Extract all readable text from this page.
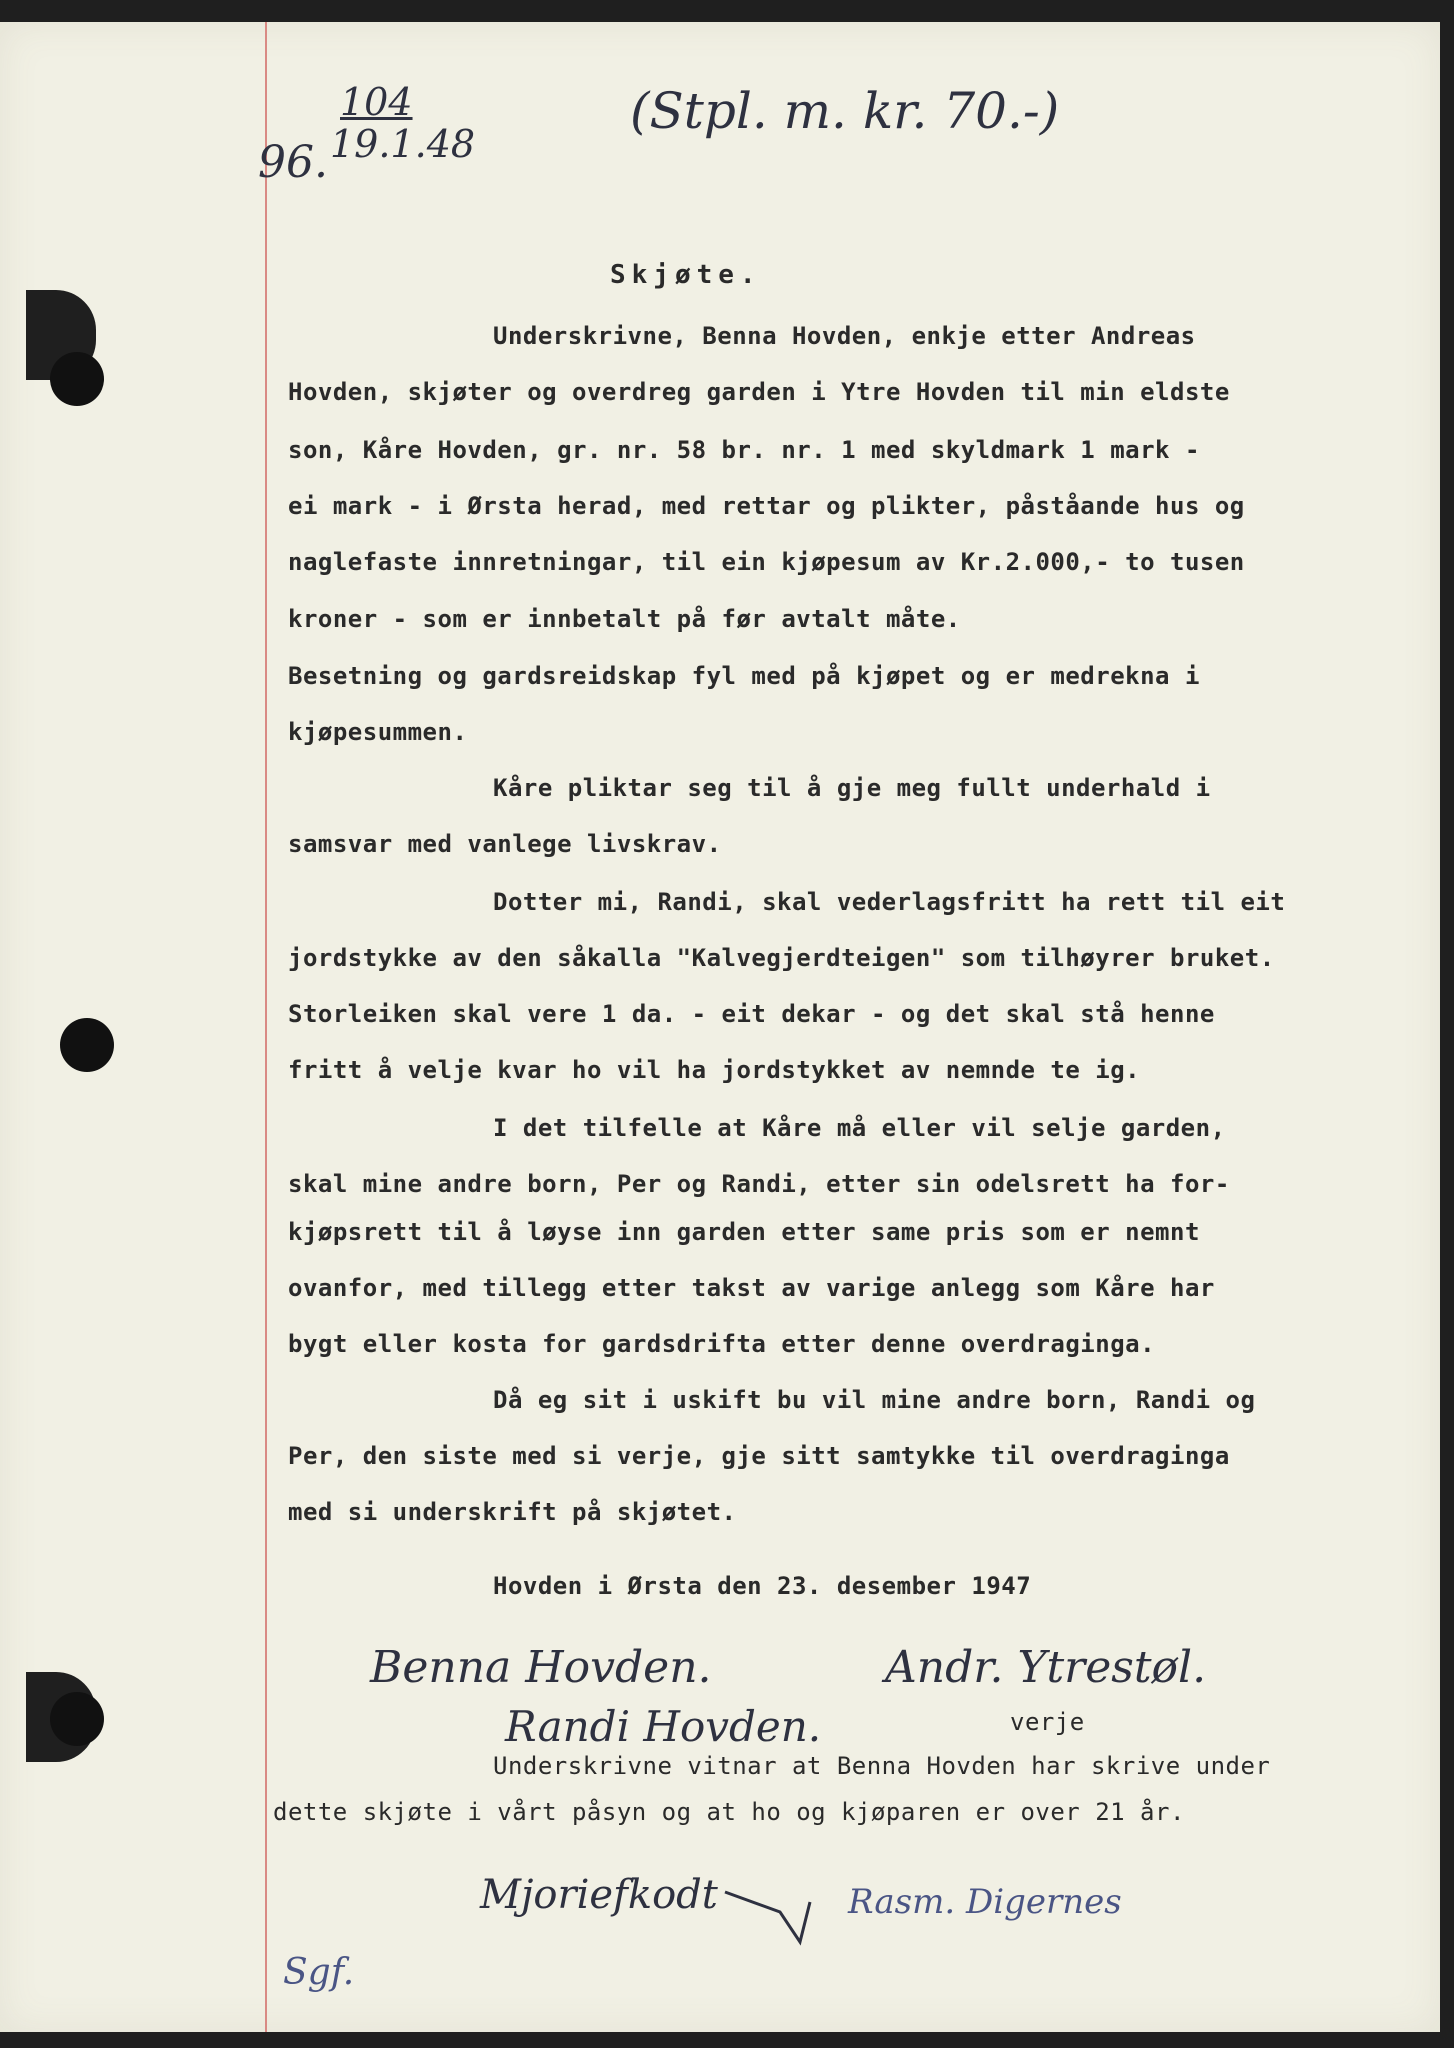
96.
104
19.1.48
(Stpl. m. kr. 70.-)
Skjøte.
Underskrivne, Benna Hovden, enkje etter Andreas
Hovden, skjøter og overdreg garden i Ytre Hovden til min eldste
son, Kåre Hovden, gr. nr. 58 br. nr. 1 med skyldmark 1 mark -
ei mark - i Ørsta herad, med rettar og plikter, påståande hus og
naglefaste innretningar, til ein kjøpesum av Kr.2.000,- to tusen
kroner - som er innbetalt på før avtalt måte.
Besetning og gardsreidskap fyl med på kjøpet og er medrekna i
kjøpesummen.
Kåre pliktar seg til å gje meg fullt underhald i
samsvar med vanlege livskrav.
Dotter mi, Randi, skal vederlagsfritt ha rett til eit
jordstykke av den såkalla "Kalvegjerdteigen" som tilhøyrer bruket.
Storleiken skal vere 1 da. - eit dekar - og det skal stå henne
fritt å velje kvar ho vil ha jordstykket av nemnde te ig.
I det tilfelle at Kåre må eller vil selje garden,
skal mine andre born, Per og Randi, etter sin odelsrett ha for-
kjøpsrett til å løyse inn garden etter same pris som er nemnt
ovanfor, med tillegg etter takst av varige anlegg som Kåre har
bygt eller kosta for gardsdrifta etter denne overdraginga.
Då eg sit i uskift bu vil mine andre born, Randi og
Per, den siste med si verje, gje sitt samtykke til overdraginga
med si underskrift på skjøtet.
Hovden i Ørsta den 23. desember 1947
Benna Hovden.	Andr. Ytrestøl.
Randi Hovden.	verje
Underskrivne vitnar at Benna Hovden har skrive under
dette skjøte i vårt påsyn og at ho og kjøparen er over 21 år.
Mjoriefkodt	Rasm. Digernes
Sgf.
